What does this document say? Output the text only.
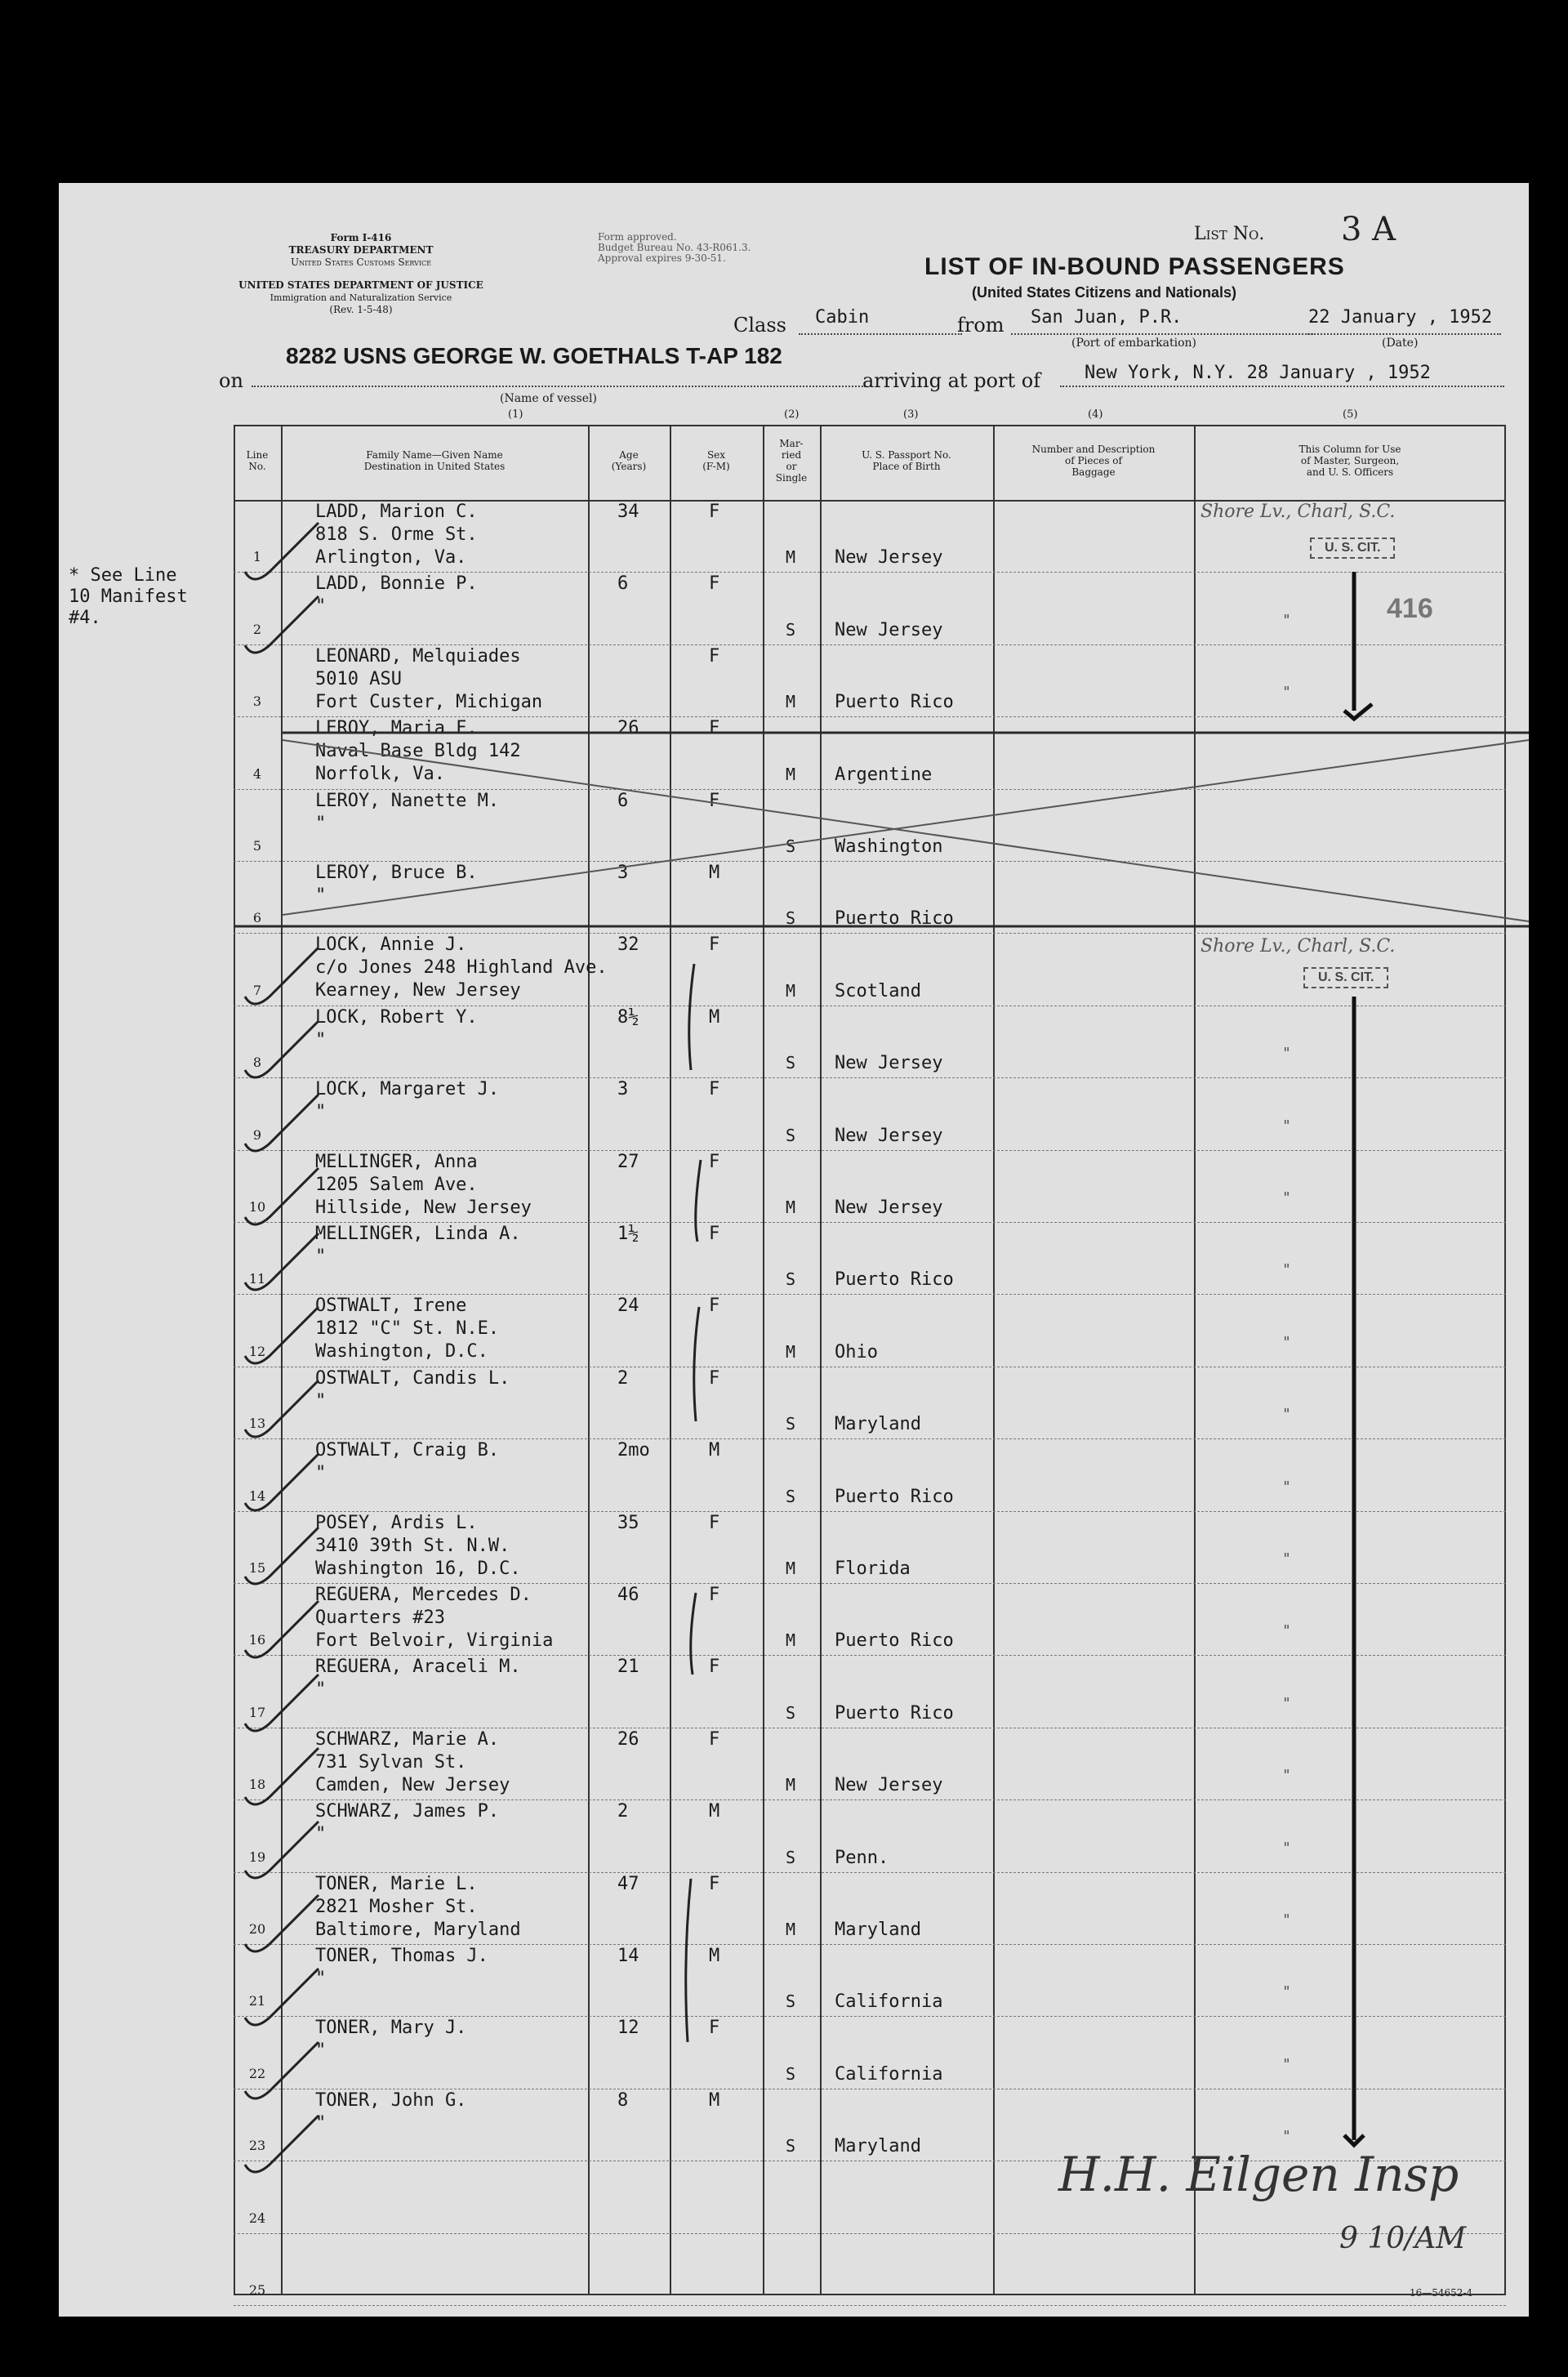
Form I-416
TREASURY DEPARTMENT
United States Customs Service
UNITED STATES DEPARTMENT OF JUSTICE
Immigration and Naturalization Service
(Rev. 1-5-48)
Form approved.
Budget Bureau No. 43-R061.3.
Approval expires 9-30-51.
List No. 3 A
LIST OF IN-BOUND PASSENGERS
(United States Citizens and Nationals)
Class Cabin	from San Juan, P.R.
(Port of embarkation)
22 January , 1952
(Date)
on
8282 USNS GEORGE W. GOETHALS T-AP 182
(Name of vessel)
arriving at port of New York, N.Y. 28 January , 1952
(1)	(2)	(3)	(4)	(5)
* See Line
10 Manifest
#4.
16—54652-4
Line
No.
Family Name—Given Name
Destination in United States
Age
(Years)
Sex
(F-M)
Mar-
ried
or
Single
U. S. Passport No.
Place of Birth
Number and Description
of Pieces of
Baggage
This Column for Use
of Master, Surgeon,
and U. S. Officers
1
LADD, Marion C.
818 S. Orme St.
Arlington, Va.
34	F
M New Jersey
2
LADD, Bonnie P.
"
6	F
S New Jersey	"
3
LEONARD, Melquiades
5010 ASU
Fort Custer, Michigan
F
M Puerto Rico	"
4
LEROY, Maria F.
Naval Base Bldg 142
Norfolk, Va.
26	F
M Argentine
5
LEROY, Nanette M.
"
6	F
S Washington
6
LEROY, Bruce B.
"
3	M
S Puerto Rico
7
LOCK, Annie J.
c/o Jones 248 Highland Ave.
Kearney, New Jersey
32	F
M Scotland
8
LOCK, Robert Y.
"
8½	M
S New Jersey	"
9
LOCK, Margaret J.
"
3	F
S New Jersey	"
10
MELLINGER, Anna
1205 Salem Ave.
Hillside, New Jersey
27	F
M New Jersey	"
11
MELLINGER, Linda A.
"
1½	F
S Puerto Rico	"
12
OSTWALT, Irene
1812 "C" St. N.E.
Washington, D.C.
24	F
M Ohio	"
13
OSTWALT, Candis L.
"
2	F
S Maryland	"
14
OSTWALT, Craig B.
"
2mo	M
S Puerto Rico	"
15
POSEY, Ardis L.
3410 39th St. N.W.
Washington 16, D.C.
35	F
M Florida	"
16
REGUERA, Mercedes D.
Quarters #23
Fort Belvoir, Virginia
46	F
M Puerto Rico	"
17
REGUERA, Araceli M.
"
21	F
S Puerto Rico	"
18
SCHWARZ, Marie A.
731 Sylvan St.
Camden, New Jersey
26	F
M New Jersey	"
19
SCHWARZ, James P.
"
2	M
S Penn.	"
20
TONER, Marie L.
2821 Mosher St.
Baltimore, Maryland
47	F
M Maryland	"
21
TONER, Thomas J.
"
14	M
S California	"
22
TONER, Mary J.
"
12	F
S California	"
23
TONER, John G.
"
8	M
S Maryland	"
24
25
U. S. CIT.
U. S. CIT.
416
Shore Lv., Charl, S.C.
Shore Lv., Charl, S.C.
H.H. Eilgen Insp
9 10/AM
